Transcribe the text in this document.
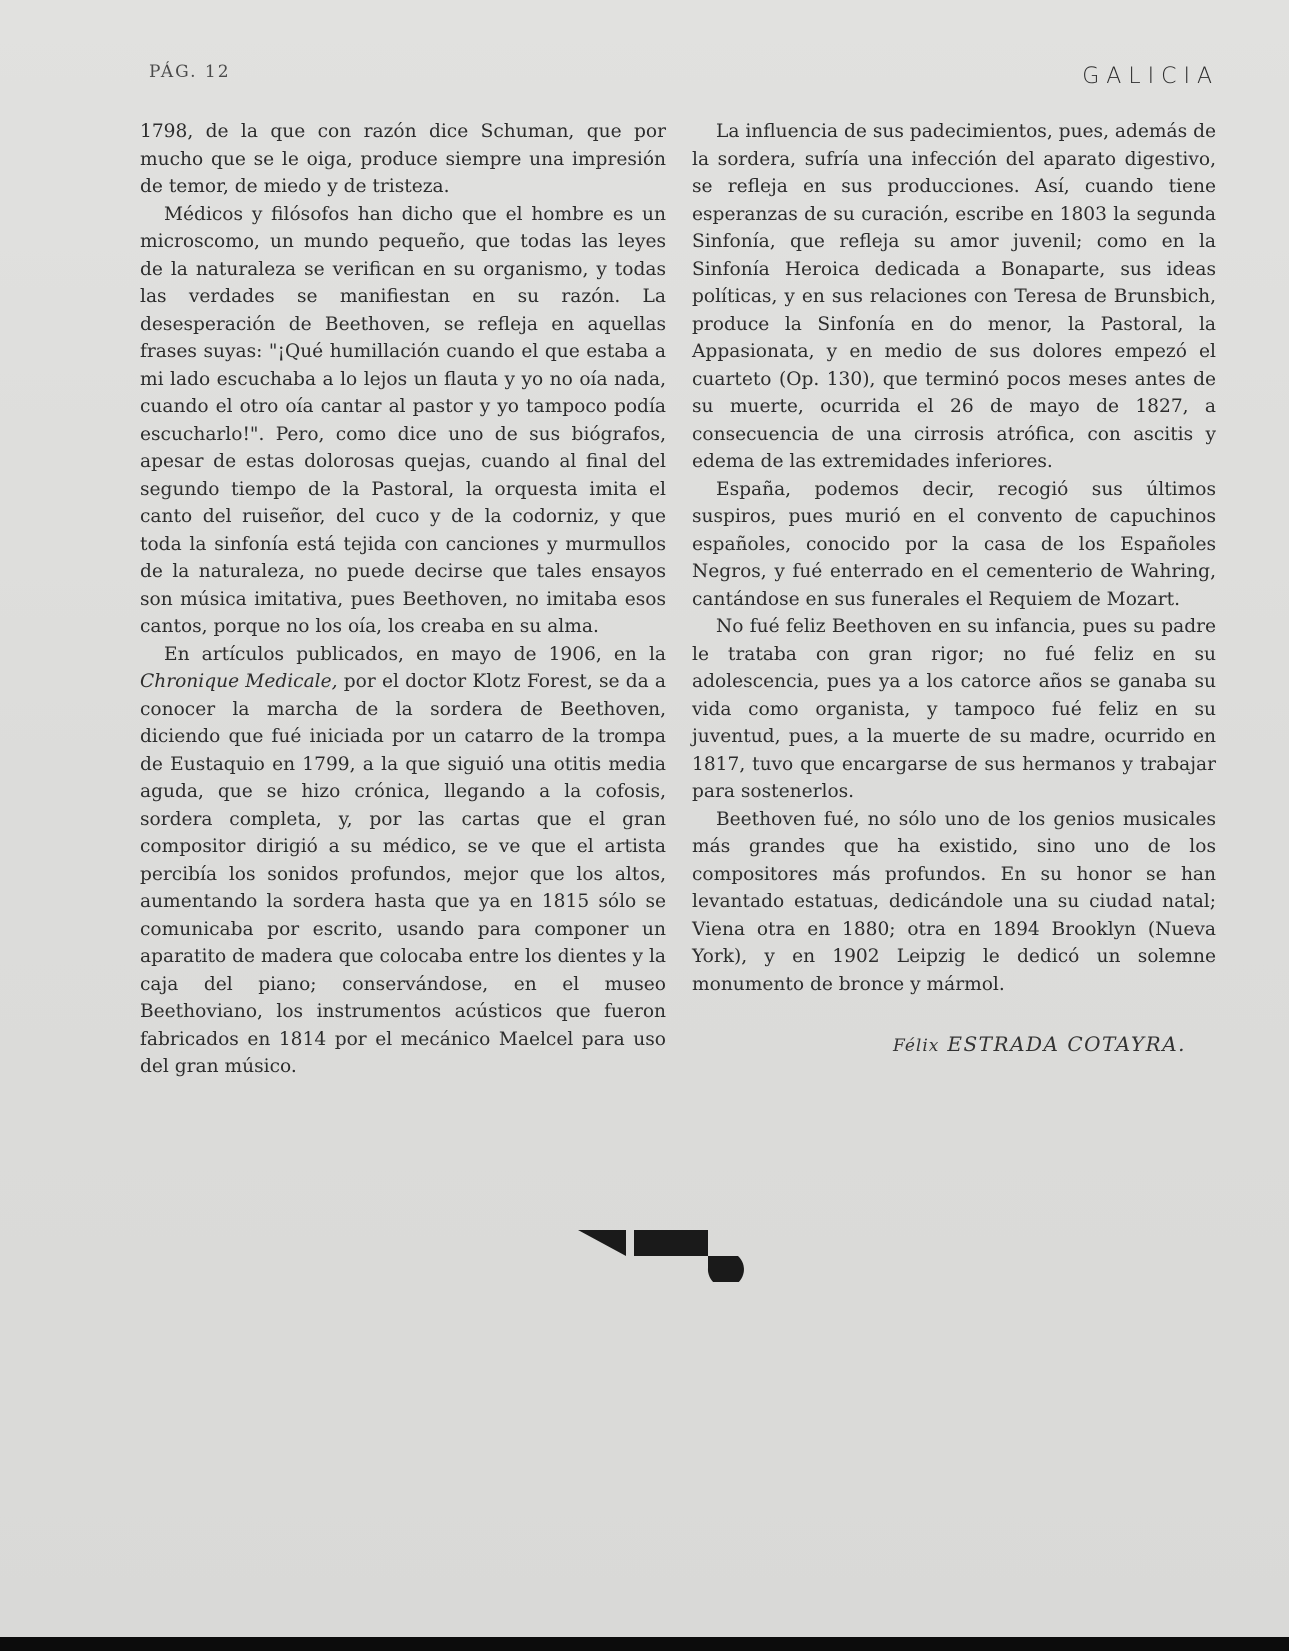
PÁG. 12	GALICIA

1798, de la que con razón dice Schuman, que por mucho que se le oiga, produce siempre una impresión de temor, de miedo y de tristeza.

Médicos y filósofos han dicho que el hombre es un microscomo, un mundo pequeño, que todas las leyes de la naturaleza se verifican en su organismo, y todas las verdades se manifiestan en su razón. La desesperación de Beethoven, se refleja en aquellas frases suyas: "¡Qué humillación cuando el que estaba a mi lado escuchaba a lo lejos un flauta y yo no oía nada, cuando el otro oía cantar al pastor y yo tampoco podía escucharlo!". Pero, como dice uno de sus biógrafos, apesar de estas dolorosas quejas, cuando al final del segundo tiempo de la Pastoral, la orquesta imita el canto del ruiseñor, del cuco y de la codorniz, y que toda la sinfonía está tejida con canciones y murmullos de la naturaleza, no puede decirse que tales ensayos son música imitativa, pues Beethoven, no imitaba esos cantos, porque no los oía, los creaba en su alma.

En artículos publicados, en mayo de 1906, en la Chronique Medicale, por el doctor Klotz Forest, se da a conocer la marcha de la sordera de Beethoven, diciendo que fué iniciada por un catarro de la trompa de Eustaquio en 1799, a la que siguió una otitis media aguda, que se hizo crónica, llegando a la cofosis, sordera completa, y, por las cartas que el gran compositor dirigió a su médico, se ve que el artista percibía los sonidos profundos, mejor que los altos, aumentando la sordera hasta que ya en 1815 sólo se comunicaba por escrito, usando para componer un aparatito de madera que colocaba entre los dientes y la caja del piano; conservándose, en el museo Beethoviano, los instrumentos acústicos que fueron fabricados en 1814 por el mecánico Maelcel para uso del gran músico.

La influencia de sus padecimientos, pues, además de la sordera, sufría una infección del aparato digestivo, se refleja en sus producciones. Así, cuando tiene esperanzas de su curación, escribe en 1803 la segunda Sinfonía, que refleja su amor juvenil; como en la Sinfonía Heroica dedicada a Bonaparte, sus ideas políticas, y en sus relaciones con Teresa de Brunsbich, produce la Sinfonía en do menor, la Pastoral, la Appasionata, y en medio de sus dolores empezó el cuarteto (Op. 130), que terminó pocos meses antes de su muerte, ocurrida el 26 de mayo de 1827, a consecuencia de una cirrosis atrófica, con ascitis y edema de las extremidades inferiores.

España, podemos decir, recogió sus últimos suspiros, pues murió en el convento de capuchinos españoles, conocido por la casa de los Españoles Negros, y fué enterrado en el cementerio de Wahring, cantándose en sus funerales el Requiem de Mozart.

No fué feliz Beethoven en su infancia, pues su padre le trataba con gran rigor; no fué feliz en su adolescencia, pues ya a los catorce años se ganaba su vida como organista, y tampoco fué feliz en su juventud, pues, a la muerte de su madre, ocurrido en 1817, tuvo que encargarse de sus hermanos y trabajar para sostenerlos.

Beethoven fué, no sólo uno de los genios musicales más grandes que ha existido, sino uno de los compositores más profundos. En su honor se han levantado estatuas, dedicándole una su ciudad natal; Viena otra en 1880; otra en 1894 Brooklyn (Nueva York), y en 1902 Leipzig le dedicó un solemne monumento de bronce y mármol.

Félix ESTRADA COTAYRA.
